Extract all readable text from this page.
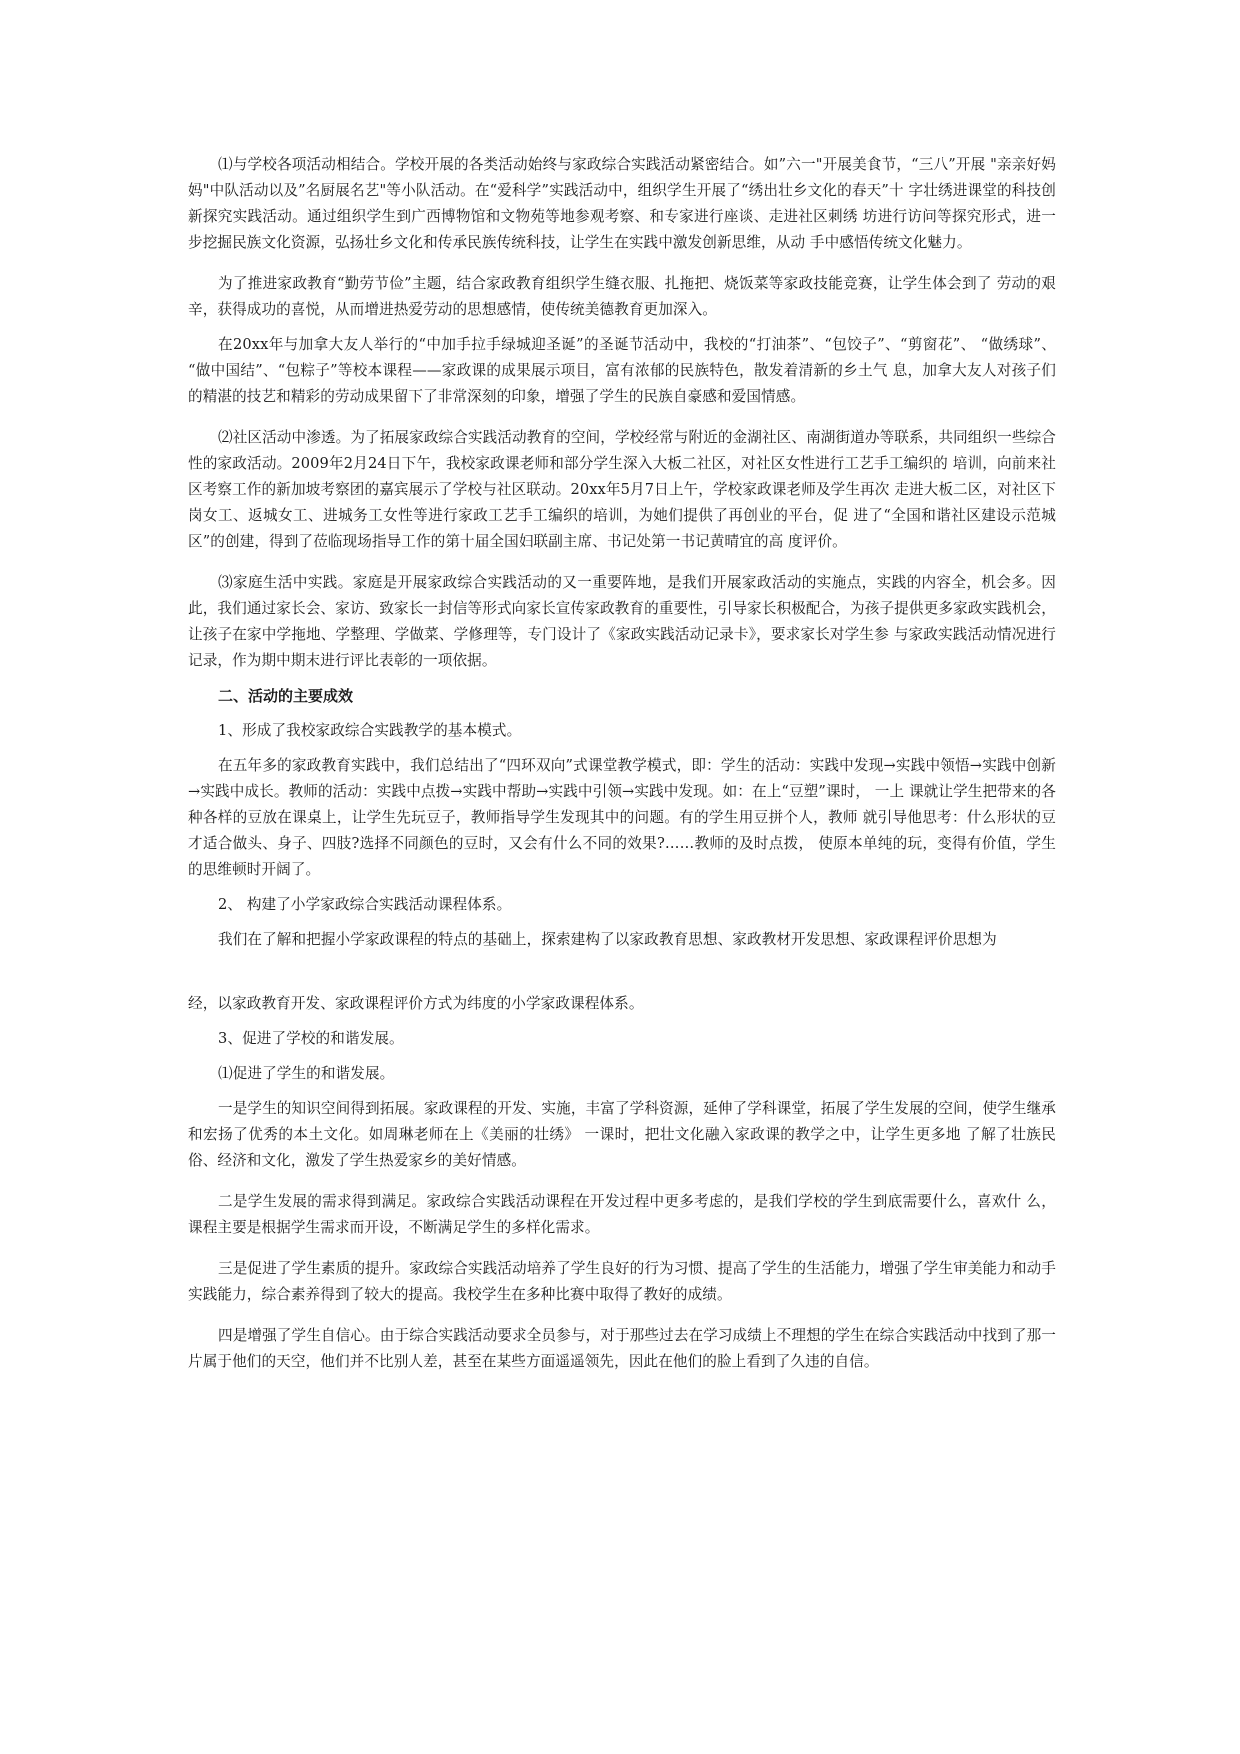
⑴与学校各项活动相结合。学校开展的各类活动始终与家政综合实践活动紧密结合。如”六一"开展美食节，“三八”开展 "亲亲好妈妈"中队活动以及”名厨展名艺"等小队活动。在“爱科学”实践活动中，组织学生开展了“绣出壮乡文化的春天”十 字壮绣进课堂的科技创新探究实践活动。通过组织学生到广西博物馆和文物苑等地参观考察、和专家进行座谈、走进社区刺绣 坊进行访问等探究形式，进一步挖掘民族文化资源，弘扬壮乡文化和传承民族传统科技，让学生在实践中激发创新思维，从动 手中感悟传统文化魅力。

为了推进家政教育“勤劳节俭”主题，结合家政教育组织学生缝衣服、扎拖把、烧饭菜等家政技能竞赛，让学生体会到了 劳动的艰辛，获得成功的喜悦，从而增进热爱劳动的思想感情，使传统美德教育更加深入。

在20xx年与加拿大友人举行的“中加手拉手绿城迎圣诞”的圣诞节活动中，我校的“打油茶”、“包饺子”、“剪窗花”、 “做绣球”、 “做中国结”、“包粽子”等校本课程——家政课的成果展示项目，富有浓郁的民族特色，散发着清新的乡土气 息，加拿大友人对孩子们的精湛的技艺和精彩的劳动成果留下了非常深刻的印象，增强了学生的民族自豪感和爱国情感。

⑵社区活动中渗透。为了拓展家政综合实践活动教育的空间，学校经常与附近的金湖社区、南湖街道办等联系，共同组织一些综合性的家政活动。2009年2月24日下午，我校家政课老师和部分学生深入大板二社区，对社区女性进行工艺手工编织的 培训，向前来社区考察工作的新加坡考察团的嘉宾展示了学校与社区联动。20xx年5月7日上午，学校家政课老师及学生再次 走进大板二区，对社区下岗女工、返城女工、进城务工女性等进行家政工艺手工编织的培训，为她们提供了再创业的平台，促 进了“全国和谐社区建设示范城区”的创建，得到了莅临现场指导工作的第十届全国妇联副主席、书记处第一书记黄晴宜的高 度评价。

⑶家庭生活中实践。家庭是开展家政综合实践活动的又一重要阵地，是我们开展家政活动的实施点，实践的内容全，机会多。因此，我们通过家长会、家访、致家长一封信等形式向家长宣传家政教育的重要性，引导家长积极配合，为孩子提供更多家政实践机会，让孩子在家中学拖地、学整理、学做菜、学修理等，专门设计了《家政实践活动记录卡》，要求家长对学生参 与家政实践活动情况进行记录，作为期中期末进行评比表彰的一项依据。

二、活动的主要成效

1、形成了我校家政综合实践教学的基本模式。

在五年多的家政教育实践中，我们总结出了“四环双向”式课堂教学模式，即：学生的活动：实践中发现→实践中领悟→实践中创新→实践中成长。教师的活动：实践中点拨→实践中帮助→实践中引领→实践中发现。如：在上“豆塑”课时， 一上 课就让学生把带来的各种各样的豆放在课桌上，让学生先玩豆子，教师指导学生发现其中的问题。有的学生用豆拼个人，教师 就引导他思考：什么形状的豆才适合做头、身子、四肢?选择不同颜色的豆时，又会有什么不同的效果?……教师的及时点拨， 使原本单纯的玩，变得有价值，学生的思维顿时开阔了。

2、 构建了小学家政综合实践活动课程体系。

我们在了解和把握小学家政课程的特点的基础上，探索建构了以家政教育思想、家政教材开发思想、家政课程评价思想为

经，以家政教育开发、家政课程评价方式为纬度的小学家政课程体系。

3、促进了学校的和谐发展。

⑴促进了学生的和谐发展。

一是学生的知识空间得到拓展。家政课程的开发、实施，丰富了学科资源，延伸了学科课堂，拓展了学生发展的空间，使学生继承和宏扬了优秀的本土文化。如周琳老师在上《美丽的壮绣》 一课时，把壮文化融入家政课的教学之中，让学生更多地 了解了壮族民俗、经济和文化，激发了学生热爱家乡的美好情感。

二是学生发展的需求得到满足。家政综合实践活动课程在开发过程中更多考虑的，是我们学校的学生到底需要什么，喜欢什 么，课程主要是根据学生需求而开设，不断满足学生的多样化需求。

三是促进了学生素质的提升。家政综合实践活动培养了学生良好的行为习惯、提高了学生的生活能力，增强了学生审美能力和动手实践能力，综合素养得到了较大的提高。我校学生在多种比赛中取得了教好的成绩。

四是增强了学生自信心。由于综合实践活动要求全员参与，对于那些过去在学习成绩上不理想的学生在综合实践活动中找到了那一片属于他们的天空，他们并不比别人差，甚至在某些方面遥遥领先，因此在他们的脸上看到了久违的自信。
